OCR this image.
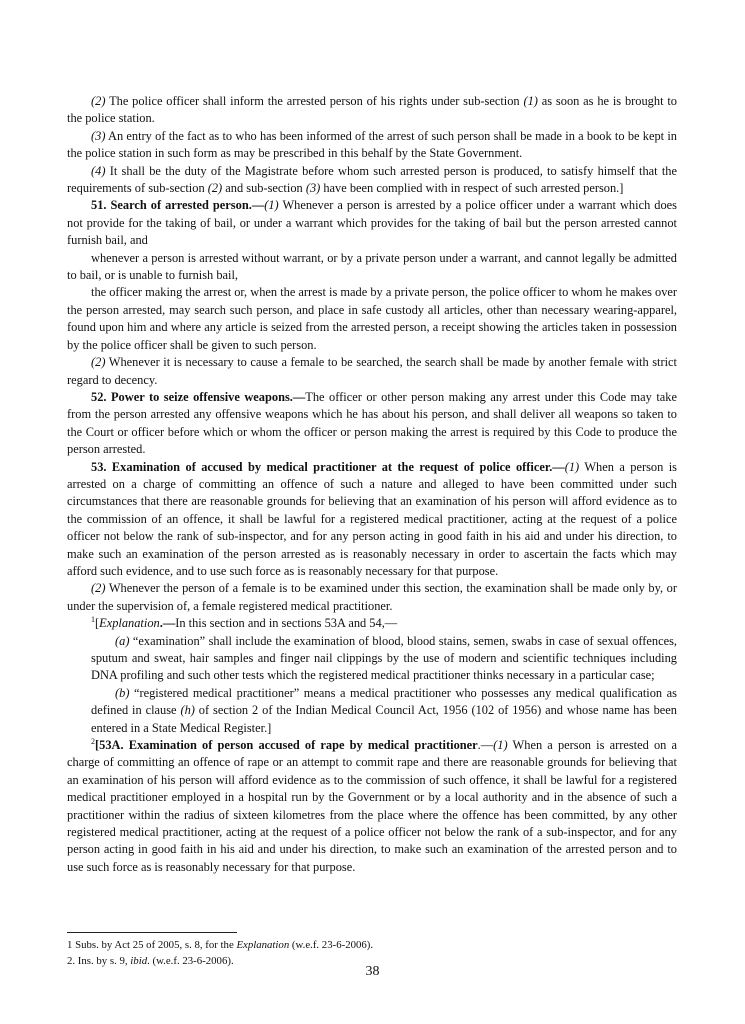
(2) The police officer shall inform the arrested person of his rights under sub-section (1) as soon as he is brought to the police station.

(3) An entry of the fact as to who has been informed of the arrest of such person shall be made in a book to be kept in the police station in such form as may be prescribed in this behalf by the State Government.

(4) It shall be the duty of the Magistrate before whom such arrested person is produced, to satisfy himself that the requirements of sub-section (2) and sub-section (3) have been complied with in respect of such arrested person.]

51. Search of arrested person.—(1) Whenever a person is arrested by a police officer under a warrant which does not provide for the taking of bail, or under a warrant which provides for the taking of bail but the person arrested cannot furnish bail, and

whenever a person is arrested without warrant, or by a private person under a warrant, and cannot legally be admitted to bail, or is unable to furnish bail,

the officer making the arrest or, when the arrest is made by a private person, the police officer to whom he makes over the person arrested, may search such person, and place in safe custody all articles, other than necessary wearing-apparel, found upon him and where any article is seized from the arrested person, a receipt showing the articles taken in possession by the police officer shall be given to such person.

(2) Whenever it is necessary to cause a female to be searched, the search shall be made by another female with strict regard to decency.

52. Power to seize offensive weapons.—The officer or other person making any arrest under this Code may take from the person arrested any offensive weapons which he has about his person, and shall deliver all weapons so taken to the Court or officer before which or whom the officer or person making the arrest is required by this Code to produce the person arrested.

53. Examination of accused by medical practitioner at the request of police officer.—(1) When a person is arrested on a charge of committing an offence of such a nature and alleged to have been committed under such circumstances that there are reasonable grounds for believing that an examination of his person will afford evidence as to the commission of an offence, it shall be lawful for a registered medical practitioner, acting at the request of a police officer not below the rank of sub-inspector, and for any person acting in good faith in his aid and under his direction, to make such an examination of the person arrested as is reasonably necessary in order to ascertain the facts which may afford such evidence, and to use such force as is reasonably necessary for that purpose.

(2) Whenever the person of a female is to be examined under this section, the examination shall be made only by, or under the supervision of, a female registered medical practitioner.

$^1$[Explanation.—In this section and in sections 53A and 54,—

(a) “examination” shall include the examination of blood, blood stains, semen, swabs in case of sexual offences, sputum and sweat, hair samples and finger nail clippings by the use of modern and scientific techniques including DNA profiling and such other tests which the registered medical practitioner thinks necessary in a particular case;

(b) “registered medical practitioner” means a medical practitioner who possesses any medical qualification as defined in clause (h) of section 2 of the Indian Medical Council Act, 1956 (102 of 1956) and whose name has been entered in a State Medical Register.]

$^2$[53A. Examination of person accused of rape by medical practitioner.—(1) When a person is arrested on a charge of committing an offence of rape or an attempt to commit rape and there are reasonable grounds for believing that an examination of his person will afford evidence as to the commission of such offence, it shall be lawful for a registered medical practitioner employed in a hospital run by the Government or by a local authority and in the absence of such a practitioner within the radius of sixteen kilometres from the place where the offence has been committed, by any other registered medical practitioner, acting at the request of a police officer not below the rank of a sub-inspector, and for any person acting in good faith in his aid and under his direction, to make such an examination of the arrested person and to use such force as is reasonably necessary for that purpose.

1 Subs. by Act 25 of 2005, s. 8, for the Explanation (w.e.f. 23-6-2006).
2. Ins. by s. 9, ibid. (w.e.f. 23-6-2006).
38
